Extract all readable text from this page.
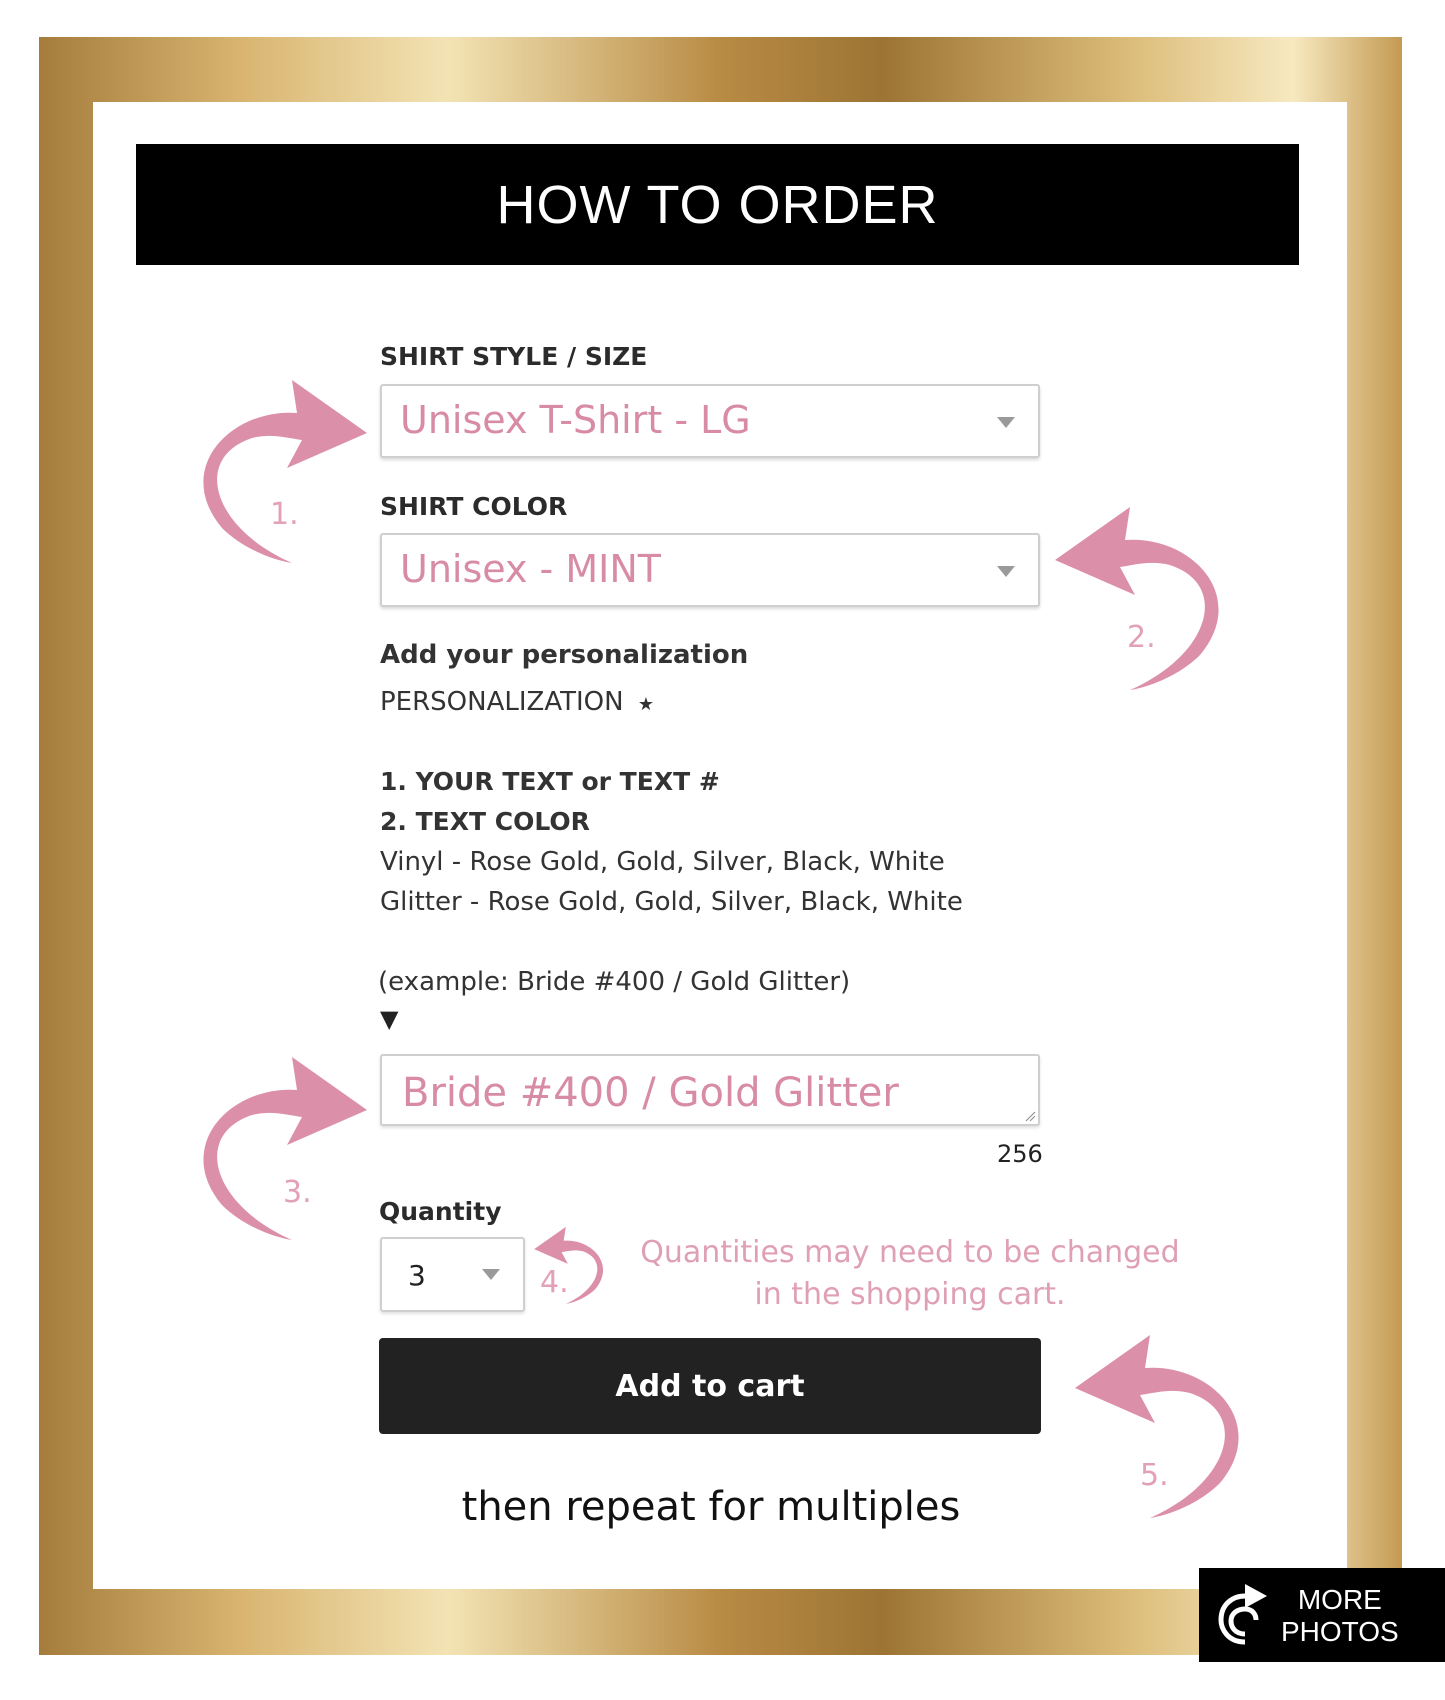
HOW TO ORDER
SHIRT STYLE / SIZE
Unisex T-Shirt - LG
SHIRT COLOR
Unisex - MINT
Add your personalization
PERSONALIZATION ★
1. YOUR TEXT or TEXT #
2. TEXT COLOR
Vinyl - Rose Gold, Gold, Silver, Black, White
Glitter - Rose Gold, Gold, Silver, Black, White
(example: Bride #400 / Gold Glitter)
▼
Bride #400 / Gold Glitter
256
Quantity
3
Quantities may need to be changed
in the shopping cart.
Add to cart
then repeat for multiples
1.
2.
3.
4.
5.
MORE
PHOTOS
